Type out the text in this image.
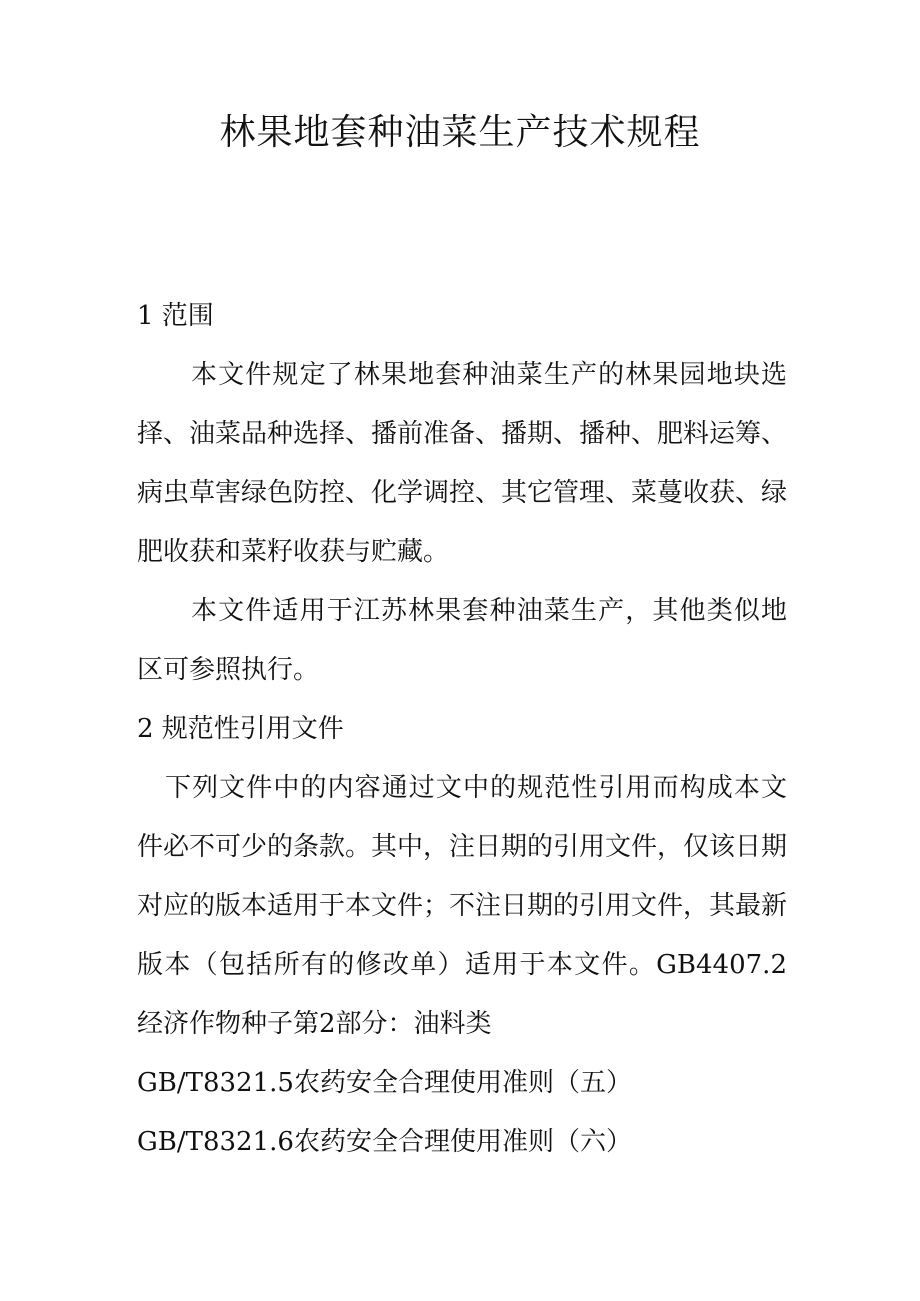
林果地套种油菜生产技术规程

1 范围

本文件规定了林果地套种油菜生产的林果园地块选择、油菜品种选择、播前准备、播期、播种、肥料运筹、病虫草害绿色防控、化学调控、其它管理、菜蔓收获、绿肥收获和菜籽收获与贮藏。

本文件适用于江苏林果套种油菜生产，其他类似地区可参照执行。

2 规范性引用文件

下列文件中的内容通过文中的规范性引用而构成本文件必不可少的条款。其中，注日期的引用文件，仅该日期对应的版本适用于本文件；不注日期的引用文件，其最新版本（包括所有的修改单）适用于本文件。GB4407.2经济作物种子第2部分：油料类

GB/T8321.5农药安全合理使用准则（五）

GB/T8321.6农药安全合理使用准则（六）
